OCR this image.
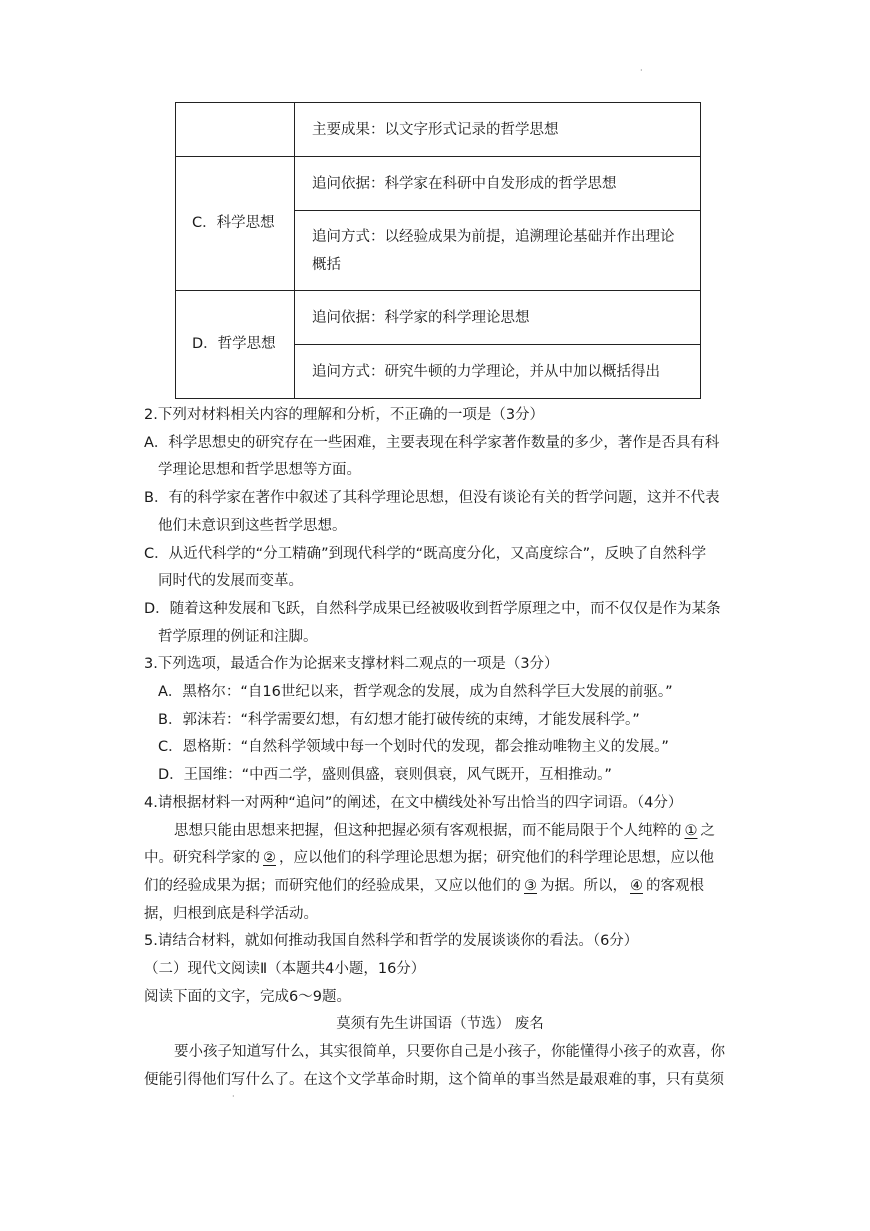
·
	主要成果：以文字形式记录的哲学思想
C．科学思想	追问依据：科学家在科研中自发形成的哲学思想
	追问方式：以经验成果为前提，追溯理论基础并作出理论概括
D．哲学思想	追问依据：科学家的科学理论思想
	追问方式：研究牛顿的力学理论，并从中加以概括得出
2.下列对材料相关内容的理解和分析，不正确的一项是（3分）
A．科学思想史的研究存在一些困难，主要表现在科学家著作数量的多少，著作是否具有科
学理论思想和哲学思想等方面。
B．有的科学家在著作中叙述了其科学理论思想，但没有谈论有关的哲学问题，这并不代表
他们未意识到这些哲学思想。
C．从近代科学的“分工精确”到现代科学的“既高度分化，又高度综合”，反映了自然科学
同时代的发展而变革。
D．随着这种发展和飞跃，自然科学成果已经被吸收到哲学原理之中，而不仅仅是作为某条
哲学原理的例证和注脚。
3.下列选项，最适合作为论据来支撑材料二观点的一项是（3分）
A．黑格尔：“自16世纪以来，哲学观念的发展，成为自然科学巨大发展的前驱。”
B．郭沫若：“科学需要幻想，有幻想才能打破传统的束缚，才能发展科学。”
C．恩格斯：“自然科学领域中每一个划时代的发现，都会推动唯物主义的发展。”
D．王国维：“中西二学，盛则俱盛，衰则俱衰，风气既开，互相推动。”
4.请根据材料一对两种“追问”的阐述，在文中横线处补写出恰当的四字词语。（4分）
思想只能由思想来把握，但这种把握必须有客观根据，而不能局限于个人纯粹的 ① 之
中。研究科学家的 ② ，应以他们的科学理论思想为据；研究他们的科学理论思想，应以他
们的经验成果为据；而研究他们的经验成果，又应以他们的 ③ 为据。所以， ④ 的客观根
据，归根到底是科学活动。
5.请结合材料，就如何推动我国自然科学和哲学的发展谈谈你的看法。（6分）
（二）现代文阅读Ⅱ（本题共4小题，16分）
阅读下面的文字，完成6～9题。
莫须有先生讲国语（节选） 废名
要小孩子知道写什么，其实很简单，只要你自己是小孩子，你能懂得小孩子的欢喜，你
便能引得他们写什么了。在这个文学革命时期，这个简单的事当然是最艰难的事，只有莫须
·
